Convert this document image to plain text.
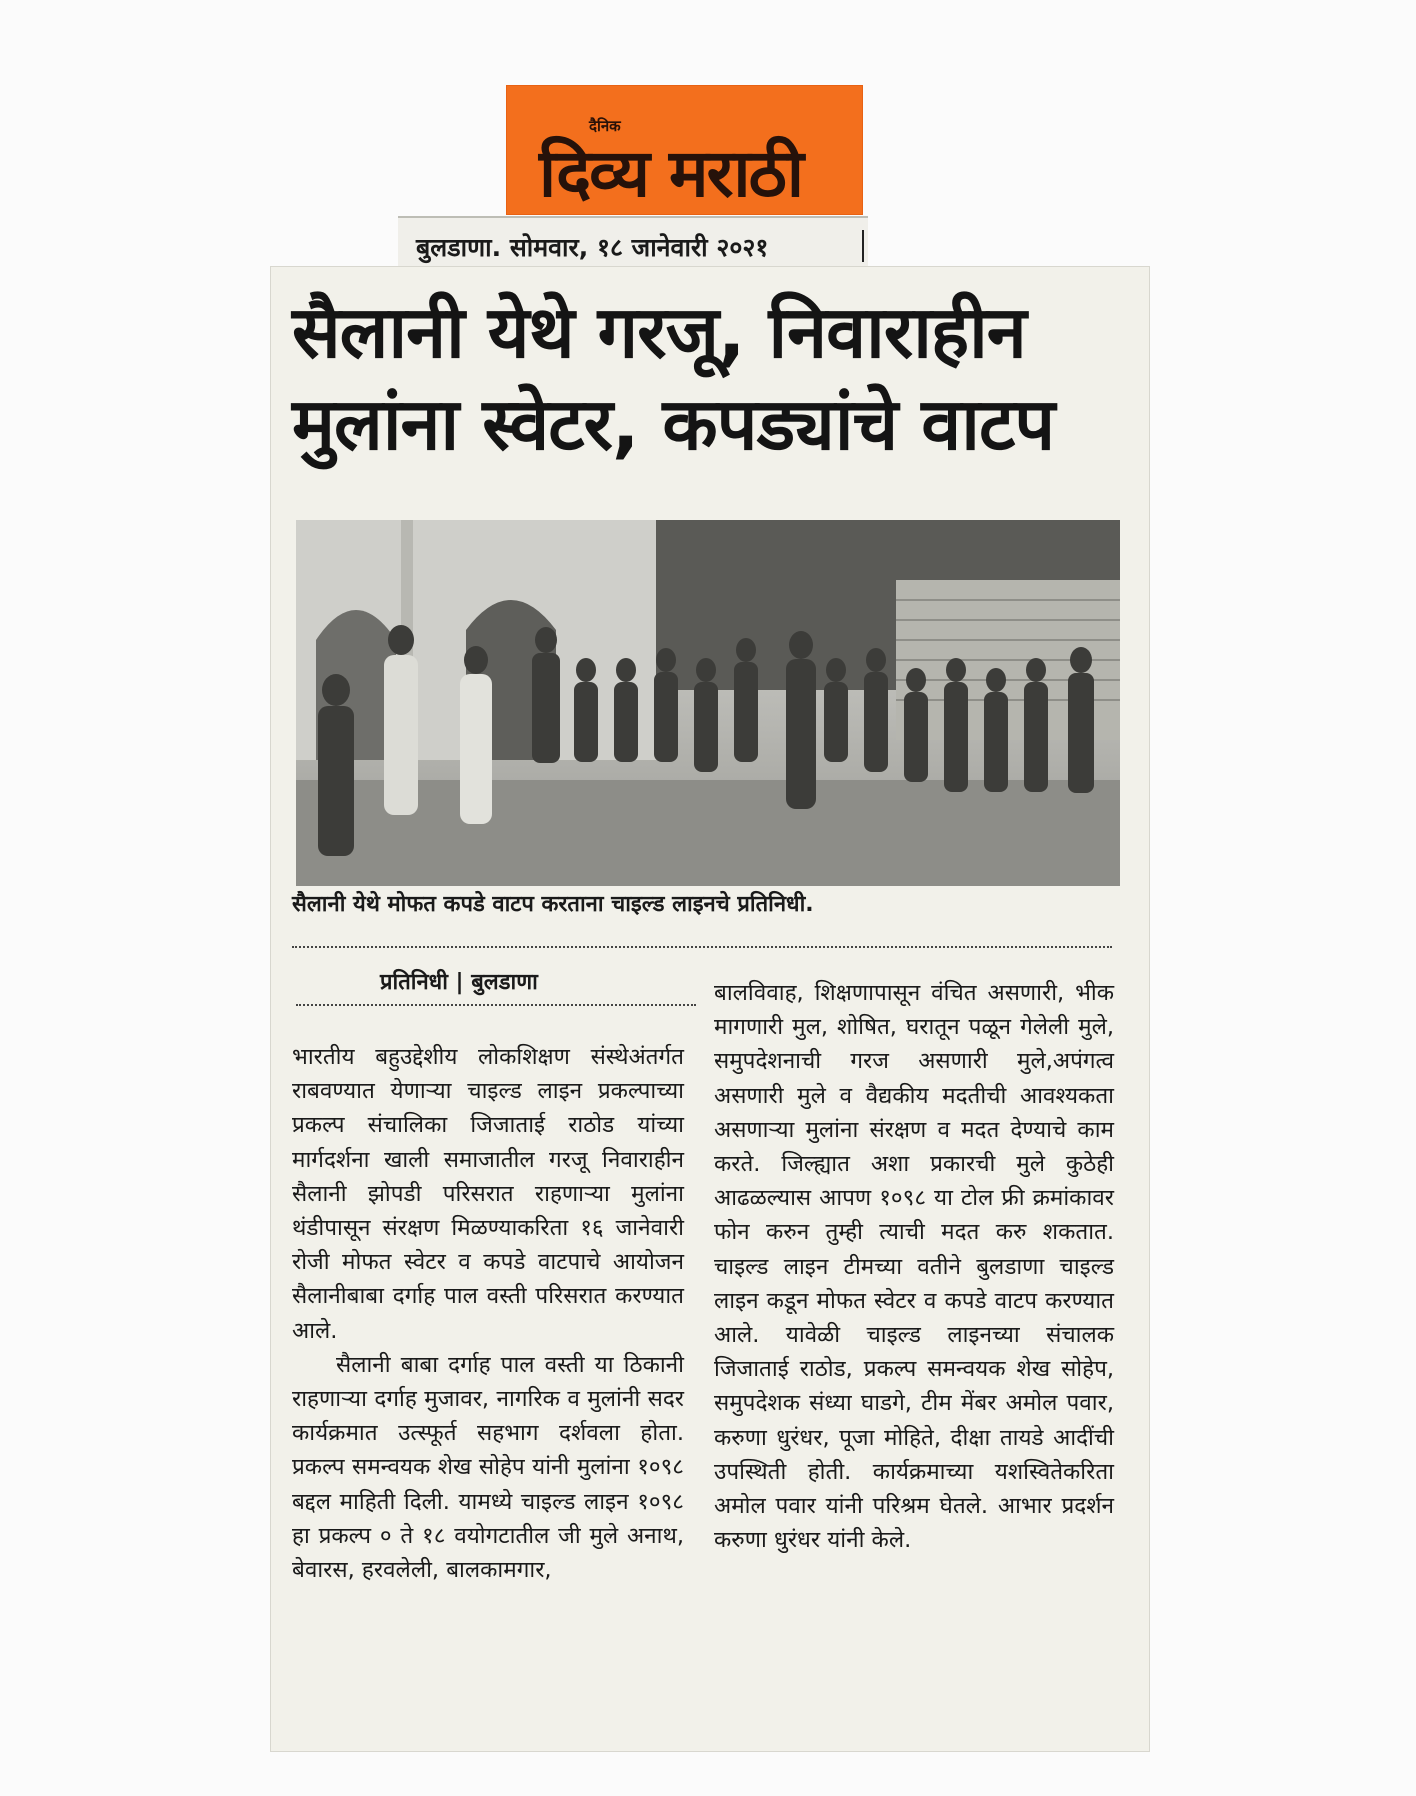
दैनिक
दिव्य मराठी
बुलडाणा. सोमवार, १८ जानेवारी २०२१
सैलानी येथे गरजू, निवाराहीन
मुलांना स्वेटर, कपड्यांचे वाटप
सैलानी येथे मोफत कपडे वाटप करताना चाइल्ड लाइनचे प्रतिनिधी.
प्रतिनिधी | बुलडाणा

भारतीय बहुउद्देशीय लोकशिक्षण संस्थेअंतर्गत राबवण्यात येणाऱ्या चाइल्ड लाइन प्रकल्पाच्या प्रकल्प संचालिका जिजाताई राठोड यांच्या मार्गदर्शना खाली समाजातील गरजू निवाराहीन सैलानी झोपडी परिसरात राहणाऱ्या मुलांना थंडीपासून संरक्षण मिळण्याकरिता १६ जानेवारी रोजी मोफत स्वेटर व कपडे वाटपाचे आयोजन सैलानीबाबा दर्गाह पाल वस्ती परिसरात करण्यात आले.

सैलानी बाबा दर्गाह पाल वस्ती या ठिकानी राहणाऱ्या दर्गाह मुजावर, नागरिक व मुलांनी सदर कार्यक्रमात उत्स्फूर्त सहभाग दर्शवला होता. प्रकल्प समन्वयक शेख सोहेप यांनी मुलांना १०९८ बद्दल माहिती दिली. यामध्ये चाइल्ड लाइन १०९८ हा प्रकल्प ० ते १८ वयोगटातील जी मुले अनाथ, बेवारस, हरवलेली, बालकामगार,

बालविवाह, शिक्षणापासून वंचित असणारी, भीक मागणारी मुल, शोषित, घरातून पळून गेलेली मुले, समुपदेशनाची गरज असणारी मुले,अपंगत्व असणारी मुले व वैद्यकीय मदतीची आवश्यकता असणाऱ्या मुलांना संरक्षण व मदत देण्याचे काम करते. जिल्ह्यात अशा प्रकारची मुले कुठेही आढळल्यास आपण १०९८ या टोल फ्री क्रमांकावर फोन करुन तुम्ही त्याची मदत करु शकतात. चाइल्ड लाइन टीमच्या वतीने बुलडाणा चाइल्ड लाइन कडून मोफत स्वेटर व कपडे वाटप करण्यात आले. यावेळी चाइल्ड लाइनच्या संचालक जिजाताई राठोड, प्रकल्प समन्वयक शेख सोहेप, समुपदेशक संध्या घाडगे, टीम मेंबर अमोल पवार, करुणा धुरंधर, पूजा मोहिते, दीक्षा तायडे आदींची उपस्थिती होती. कार्यक्रमाच्या यशस्वितेकरिता अमोल पवार यांनी परिश्रम घेतले. आभार प्रदर्शन करुणा धुरंधर यांनी केले.
